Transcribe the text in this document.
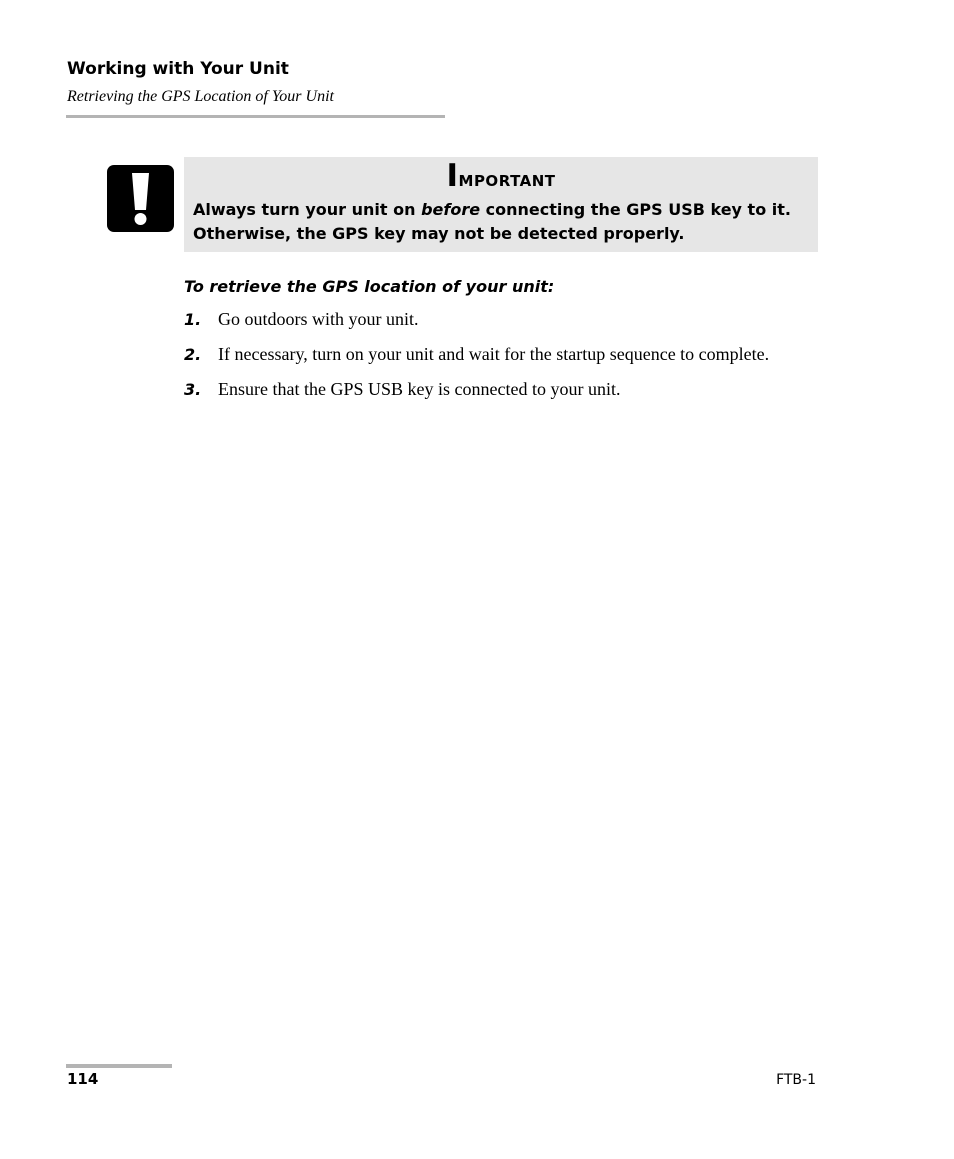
Working with Your Unit
Retrieving the GPS Location of Your Unit
Important
Always turn your unit on before connecting the GPS USB key to it. Otherwise, the GPS key may not be detected properly.
To retrieve the GPS location of your unit:
1. Go outdoors with your unit.
2. If necessary, turn on your unit and wait for the startup sequence to complete.
3. Ensure that the GPS USB key is connected to your unit.
114	FTB-1
